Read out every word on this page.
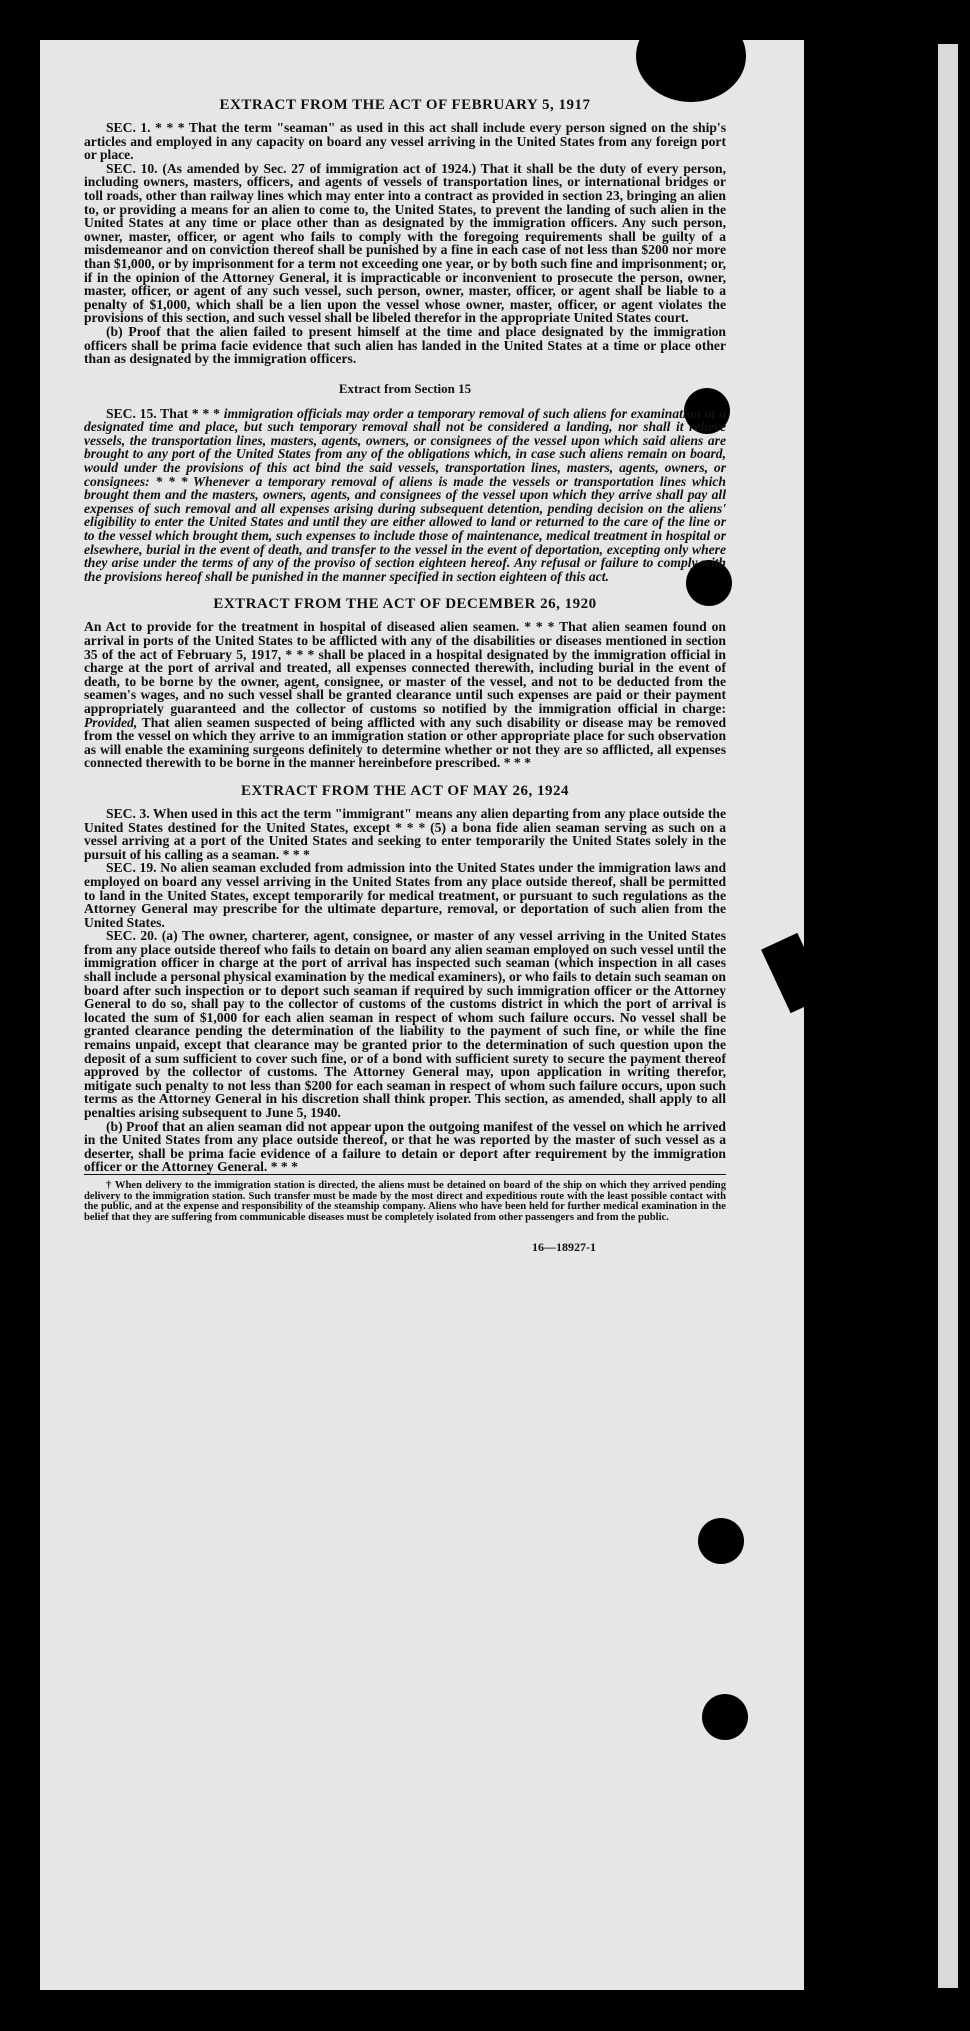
EXTRACT FROM THE ACT OF FEBRUARY 5, 1917

SEC. 1. * * * That the term "seaman" as used in this act shall include every person signed on the ship's articles and employed in any capacity on board any vessel arriving in the United States from any foreign port or place.

SEC. 10. (As amended by Sec. 27 of immigration act of 1924.) That it shall be the duty of every person, including owners, masters, officers, and agents of vessels of transportation lines, or international bridges or toll roads, other than railway lines which may enter into a contract as provided in section 23, bringing an alien to, or providing a means for an alien to come to, the United States, to prevent the landing of such alien in the United States at any time or place other than as designated by the immigration officers. Any such person, owner, master, officer, or agent who fails to comply with the foregoing requirements shall be guilty of a misdemeanor and on conviction thereof shall be punished by a fine in each case of not less than $200 nor more than $1,000, or by imprisonment for a term not exceeding one year, or by both such fine and imprisonment; or, if in the opinion of the Attorney General, it is impracticable or inconvenient to prosecute the person, owner, master, officer, or agent of any such vessel, such person, owner, master, officer, or agent shall be liable to a penalty of $1,000, which shall be a lien upon the vessel whose owner, master, officer, or agent violates the provisions of this section, and such vessel shall be libeled therefor in the appropriate United States court.

(b) Proof that the alien failed to present himself at the time and place designated by the immigration officers shall be prima facie evidence that such alien has landed in the United States at a time or place other than as designated by the immigration officers.

Extract from Section 15

SEC. 15. That * * * immigration officials may order a temporary removal of such aliens for examination at a designated time and place, but such temporary removal shall not be considered a landing, nor shall it relieve vessels, the transportation lines, masters, agents, owners, or consignees of the vessel upon which said aliens are brought to any port of the United States from any of the obligations which, in case such aliens remain on board, would under the provisions of this act bind the said vessels, transportation lines, masters, agents, owners, or consignees: * * * Whenever a temporary removal of aliens is made the vessels or transportation lines which brought them and the masters, owners, agents, and consignees of the vessel upon which they arrive shall pay all expenses of such removal and all expenses arising during subsequent detention, pending decision on the aliens' eligibility to enter the United States and until they are either allowed to land or returned to the care of the line or to the vessel which brought them, such expenses to include those of maintenance, medical treatment in hospital or elsewhere, burial in the event of death, and transfer to the vessel in the event of deportation, excepting only where they arise under the terms of any of the proviso of section eighteen hereof. Any refusal or failure to comply with the provisions hereof shall be punished in the manner specified in section eighteen of this act.

EXTRACT FROM THE ACT OF DECEMBER 26, 1920

An Act to provide for the treatment in hospital of diseased alien seamen. * * * That alien seamen found on arrival in ports of the United States to be afflicted with any of the disabilities or diseases mentioned in section 35 of the act of February 5, 1917, * * * shall be placed in a hospital designated by the immigration official in charge at the port of arrival and treated, all expenses connected therewith, including burial in the event of death, to be borne by the owner, agent, consignee, or master of the vessel, and not to be deducted from the seamen's wages, and no such vessel shall be granted clearance until such expenses are paid or their payment appropriately guaranteed and the collector of customs so notified by the immigration official in charge: Provided, That alien seamen suspected of being afflicted with any such disability or disease may be removed from the vessel on which they arrive to an immigration station or other appropriate place for such observation as will enable the examining surgeons definitely to determine whether or not they are so afflicted, all expenses connected therewith to be borne in the manner hereinbefore prescribed. * * *

EXTRACT FROM THE ACT OF MAY 26, 1924

SEC. 3. When used in this act the term "immigrant" means any alien departing from any place outside the United States destined for the United States, except * * * (5) a bona fide alien seaman serving as such on a vessel arriving at a port of the United States and seeking to enter temporarily the United States solely in the pursuit of his calling as a seaman. * * *

SEC. 19. No alien seaman excluded from admission into the United States under the immigration laws and employed on board any vessel arriving in the United States from any place outside thereof, shall be permitted to land in the United States, except temporarily for medical treatment, or pursuant to such regulations as the Attorney General may prescribe for the ultimate departure, removal, or deportation of such alien from the United States.

SEC. 20. (a) The owner, charterer, agent, consignee, or master of any vessel arriving in the United States from any place outside thereof who fails to detain on board any alien seaman employed on such vessel until the immigration officer in charge at the port of arrival has inspected such seaman (which inspection in all cases shall include a personal physical examination by the medical examiners), or who fails to detain such seaman on board after such inspection or to deport such seaman if required by such immigration officer or the Attorney General to do so, shall pay to the collector of customs of the customs district in which the port of arrival is located the sum of $1,000 for each alien seaman in respect of whom such failure occurs. No vessel shall be granted clearance pending the determination of the liability to the payment of such fine, or while the fine remains unpaid, except that clearance may be granted prior to the determination of such question upon the deposit of a sum sufficient to cover such fine, or of a bond with sufficient surety to secure the payment thereof approved by the collector of customs. The Attorney General may, upon application in writing therefor, mitigate such penalty to not less than $200 for each seaman in respect of whom such failure occurs, upon such terms as the Attorney General in his discretion shall think proper. This section, as amended, shall apply to all penalties arising subsequent to June 5, 1940.

(b) Proof that an alien seaman did not appear upon the outgoing manifest of the vessel on which he arrived in the United States from any place outside thereof, or that he was reported by the master of such vessel as a deserter, shall be prima facie evidence of a failure to detain or deport after requirement by the immigration officer or the Attorney General. * * *

† When delivery to the immigration station is directed, the aliens must be detained on board of the ship on which they arrived pending delivery to the immigration station. Such transfer must be made by the most direct and expeditious route with the least possible contact with the public, and at the expense and responsibility of the steamship company. Aliens who have been held for further medical examination in the belief that they are suffering from communicable diseases must be completely isolated from other passengers and from the public.

16—18927-1
